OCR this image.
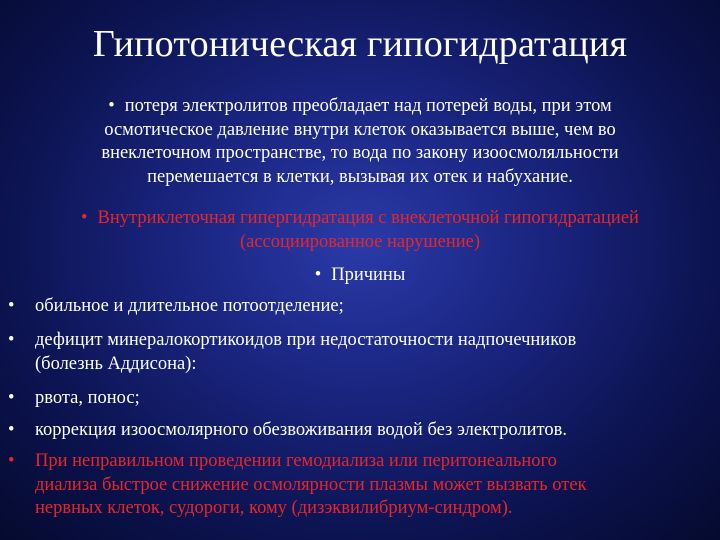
Гипотоническая гипогидратация
• потеря электролитов преобладает над потерей воды, при этом
осмотическое давление внутри клеток оказывается выше, чем во
внеклеточном пространстве, то вода по закону изоосмоляльности
перемешается в клетки, вызывая их отек и набухание.
• Внутриклеточная гипергидратация с внеклеточной гипогидратацией
(ассоциированное нарушение)
• Причины
• обильное и длительное потоотделение;
• дефицит минералокортикоидов при недостаточности надпочечников
(болезнь Аддисона):
• рвота, понос;
• коррекция изоосмолярного обезвоживания водой без электролитов.
• При неправильном проведении гемодиализа или перитонеального
диализа быстрое снижение осмолярности плазмы может вызвать отек
нервных клеток, судороги, кому (дизэквилибриум-синдром).
